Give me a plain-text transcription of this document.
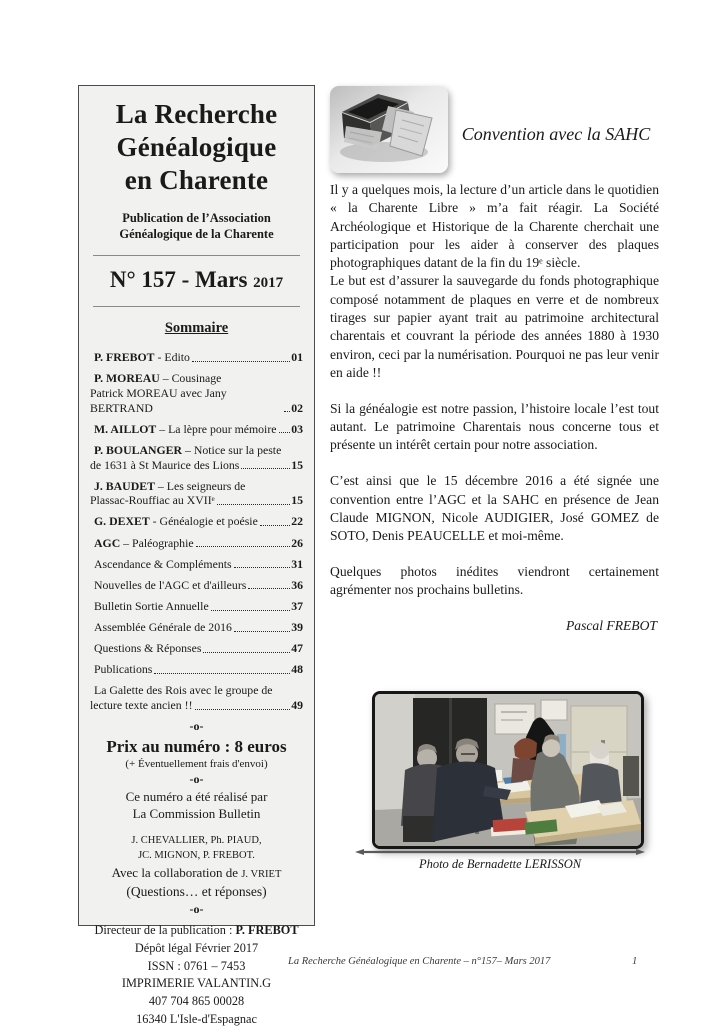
La Recherche
Généalogique
en Charente
Publication de l’Association
Généalogique de la Charente
N° 157 - Mars 2017
Sommaire
P. FREBOT - Edito	01
P. MOREAU – Cousinage
Patrick MOREAU avec Jany BERTRAND	02
M. AILLOT – La lèpre pour mémoire 03
P. BOULANGER – Notice sur la peste
de 1631 à St Maurice des Lions	15
J. BAUDET – Les seigneurs de
Plassac-Rouffiac au XVIIᵉ	15
G. DEXET - Généalogie et poésie	22
AGC – Paléographie	26
Ascendance & Compléments	31
Nouvelles de l'AGC et d'ailleurs	36
Bulletin Sortie Annuelle	37
Assemblée Générale de 2016	39
Questions & Réponses	47
Publications	48
La Galette des Rois avec le groupe de
lecture texte ancien !!	49
-o-
Prix au numéro : 8 euros
(+ Éventuellement frais d'envoi)
-o-
Ce numéro a été réalisé par
La Commission Bulletin
J. CHEVALLIER, Ph. PIAUD,
JC. MIGNON, P. FREBOT.
Avec la collaboration de J. VRIET
(Questions… et réponses)
-o-
Directeur de la publication : P. FREBOT
Dépôt légal Février 2017
ISSN : 0761 – 7453
IMPRIMERIE VALANTIN.G
407 704 865 00028
16340 L'Isle-d'Espagnac
Convention avec la SAHC

Il y a quelques mois, la lecture d’un article dans le quotidien « la Charente Libre » m’a fait réagir. La Société Archéologique et Historique de la Charente cherchait une participation pour les aider à conserver des plaques photographiques datant de la fin du 19ᵉ siècle.

Le but est d’assurer la sauvegarde du fonds photographique composé notamment de plaques en verre et de nombreux tirages sur papier ayant trait au patrimoine architectural charentais et couvrant la période des années 1880 à 1930 environ, ceci par la numérisation. Pourquoi ne pas leur venir en aide !!

Si la généalogie est notre passion, l’histoire locale l’est tout autant. Le patrimoine Charentais nous concerne tous et présente un intérêt certain pour notre association.

C’est ainsi que le 15 décembre 2016 a été signée une convention entre l’AGC et la SAHC en présence de Jean Claude MIGNON, Nicole AUDIGIER, José GOMEZ de SOTO, Denis PEAUCELLE et moi-même.

Quelques photos inédites viendront certainement agrémenter nos prochains bulletins.

Pascal FREBOT
Photo de Bernadette LERISSON
La Recherche Généalogique en Charente – n°157– Mars 2017	1
